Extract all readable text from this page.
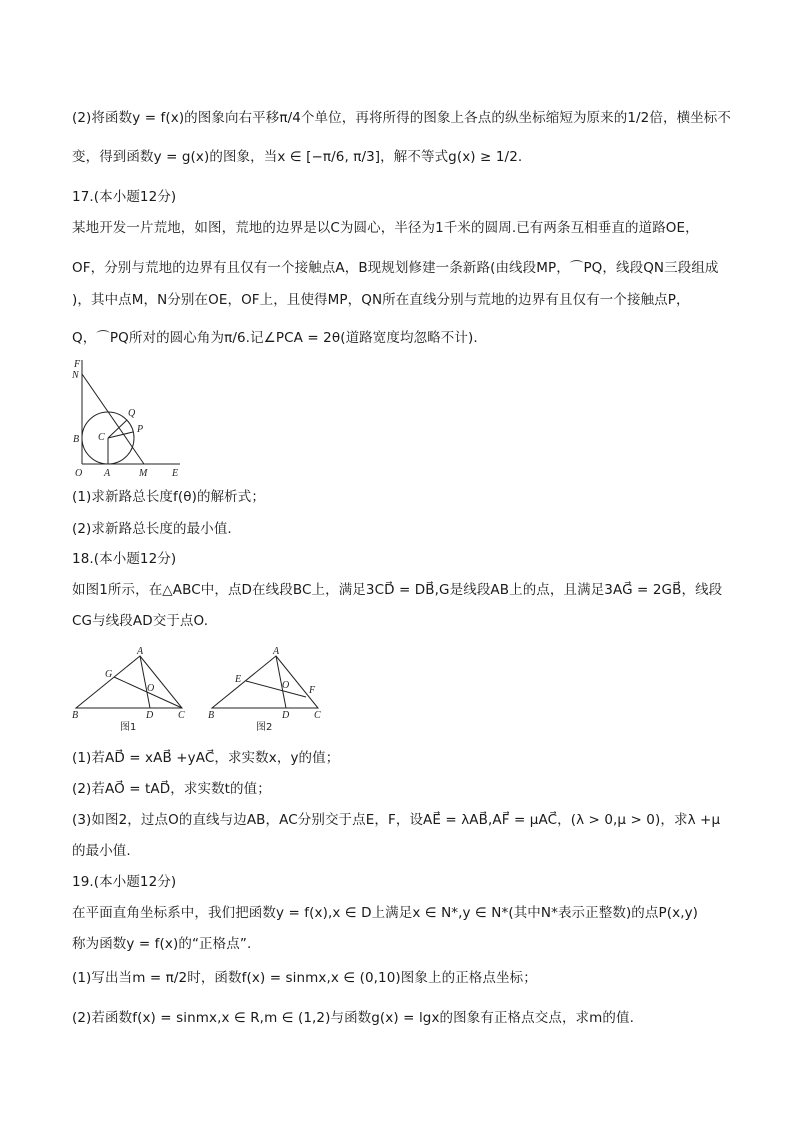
(2)将函数y = f(x)的图象向右平移π/4个单位，再将所得的图象上各点的纵坐标缩短为原来的1/2倍，横坐标不
变，得到函数y = g(x)的图象，当x ∈ [−π/6, π/3]，解不等式g(x) ≥ 1/2.
17.(本小题12分)
某地开发一片荒地，如图，荒地的边界是以C为圆心，半径为1千米的圆周.已有两条互相垂直的道路OE，
OF，分别与荒地的边界有且仅有一个接触点A，B现规划修建一条新路(由线段MP，⌒PQ，线段QN三段组成
)，其中点M，N分别在OE，OF上，且使得MP，QN所在直线分别与荒地的边界有且仅有一个接触点P，
Q，⌒PQ所对的圆心角为π/6.记∠PCA = 2θ(道路宽度均忽略不计).
F
N
Q
P
B C
O A	M E
(1)求新路总长度f(θ)的解析式；
(2)求新路总长度的最小值.
18.(本小题12分)
如图1所示，在△ABC中，点D在线段BC上，满足3CD⃗ = DB⃗,G是线段AB上的点，且满足3AG⃗ = 2GB⃗，线段
CG与线段AD交于点O.
A
G
O
B	D C
图1
A
E
O F
B	D C
图2
(1)若AD⃗ = xAB⃗ +yAC⃗，求实数x，y的值；
(2)若AO⃗ = tAD⃗，求实数t的值；
(3)如图2，过点O的直线与边AB，AC分别交于点E，F，设AE⃗ = λAB⃗,AF⃗ = μAC⃗，(λ > 0,μ > 0)，求λ +μ
的最小值.
19.(本小题12分)
在平面直角坐标系中，我们把函数y = f(x),x ∈ D上满足x ∈ N*,y ∈ N*(其中N*表示正整数)的点P(x,y)
称为函数y = f(x)的“正格点”.
(1)写出当m = π/2时，函数f(x) = sinmx,x ∈ (0,10)图象上的正格点坐标；
(2)若函数f(x) = sinmx,x ∈ R,m ∈ (1,2)与函数g(x) = lgx的图象有正格点交点，求m的值.
